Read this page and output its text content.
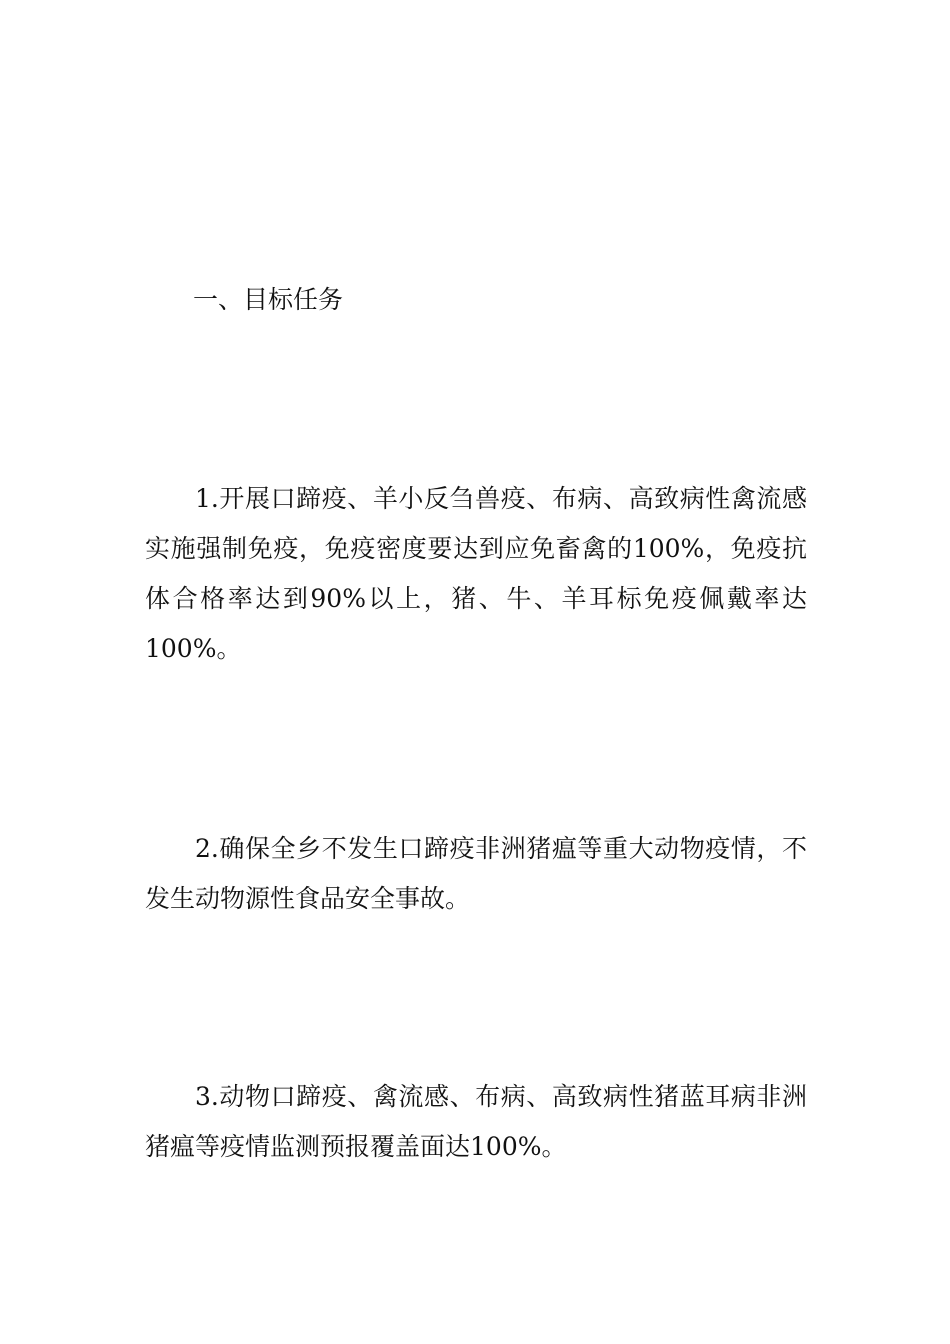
一、目标任务

1.开展口蹄疫、羊小反刍兽疫、布病、高致病性禽流感实施强制免疫，免疫密度要达到应免畜禽的100%，免疫抗体合格率达到90%以上，猪、牛、羊耳标免疫佩戴率达100%。

2.确保全乡不发生口蹄疫非洲猪瘟等重大动物疫情，不发生动物源性食品安全事故。

3.动物口蹄疫、禽流感、布病、高致病性猪蓝耳病非洲猪瘟等疫情监测预报覆盖面达100%。
